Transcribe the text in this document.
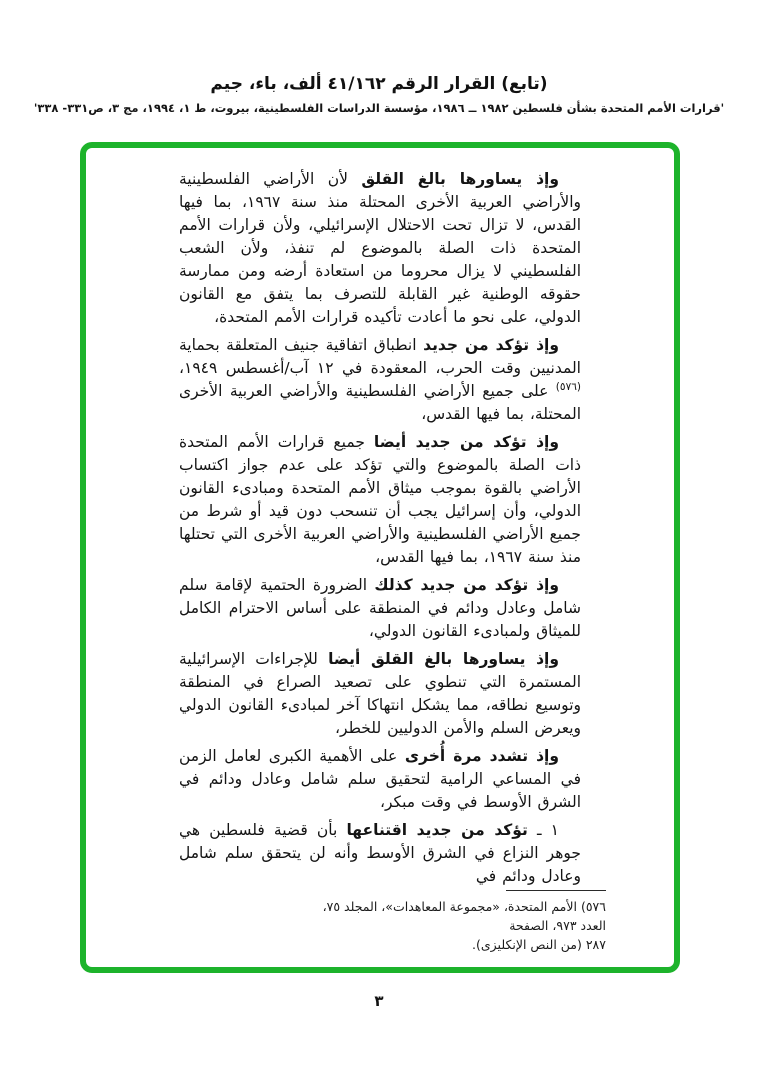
(تابع) القرار الرقم ٤١/١٦٢ ألف، باء، جيم
'قرارات الأمم المتحدة بشأن فلسطين ١٩٨٢ ــ ١٩٨٦، مؤسسة الدراسات الفلسطينية، بيروت، ط ١، ١٩٩٤، مج ٣، ص٣٣١- ٣٣٨'

وإذ يساورها بالغ القلق لأن الأراضي الفلسطينية والأراضي العربية الأخرى المحتلة منذ سنة ١٩٦٧، بما فيها القدس، لا تزال تحت الاحتلال الإسرائيلي، ولأن قرارات الأمم المتحدة ذات الصلة بالموضوع لم تنفذ، ولأن الشعب الفلسطيني لا يزال محروما من استعادة أرضه ومن ممارسة حقوقه الوطنية غير القابلة للتصرف بما يتفق مع القانون الدولي، على نحو ما أعادت تأكيده قرارات الأمم المتحدة،

وإذ تؤكد من جديد انطباق اتفاقية جنيف المتعلقة بحماية المدنيين وقت الحرب، المعقودة في ١٢ آب/أغسطس ١٩٤٩،$^{(٥٧٦)}$ على جميع الأراضي الفلسطينية والأراضي العربية الأخرى المحتلة، بما فيها القدس،

وإذ تؤكد من جديد أيضا جميع قرارات الأمم المتحدة ذات الصلة بالموضوع والتي تؤكد على عدم جواز اكتساب الأراضي بالقوة بموجب ميثاق الأمم المتحدة ومبادىء القانون الدولي، وأن إسرائيل يجب أن تنسحب دون قيد أو شرط من جميع الأراضي الفلسطينية والأراضي العربية الأخرى التي تحتلها منذ سنة ١٩٦٧، بما فيها القدس،

وإذ تؤكد من جديد كذلك الضرورة الحتمية لإقامة سلم شامل وعادل ودائم في المنطقة على أساس الاحترام الكامل للميثاق ولمبادىء القانون الدولي،

وإذ يساورها بالغ القلق أيضا للإجراءات الإسرائيلية المستمرة التي تنطوي على تصعيد الصراع في المنطقة وتوسيع نطاقه، مما يشكل انتهاكا آخر لمبادىء القانون الدولي ويعرض السلم والأمن الدوليين للخطر،

وإذ تشدد مرة أُخرى على الأهمية الكبرى لعامل الزمن في المساعي الرامية لتحقيق سلم شامل وعادل ودائم في الشرق الأوسط في وقت مبكر،

١ ـ تؤكد من جديد اقتناعها بأن قضية فلسطين هي جوهر النزاع في الشرق الأوسط وأنه لن يتحقق سلم شامل وعادل ودائم في

٥٧٦) الأمم المتحدة، «مجموعة المعاهدات»، المجلد ٧٥، العدد ٩٧٣، الصفحة
٢٨٧ (من النص الإنكليزى).
٣
